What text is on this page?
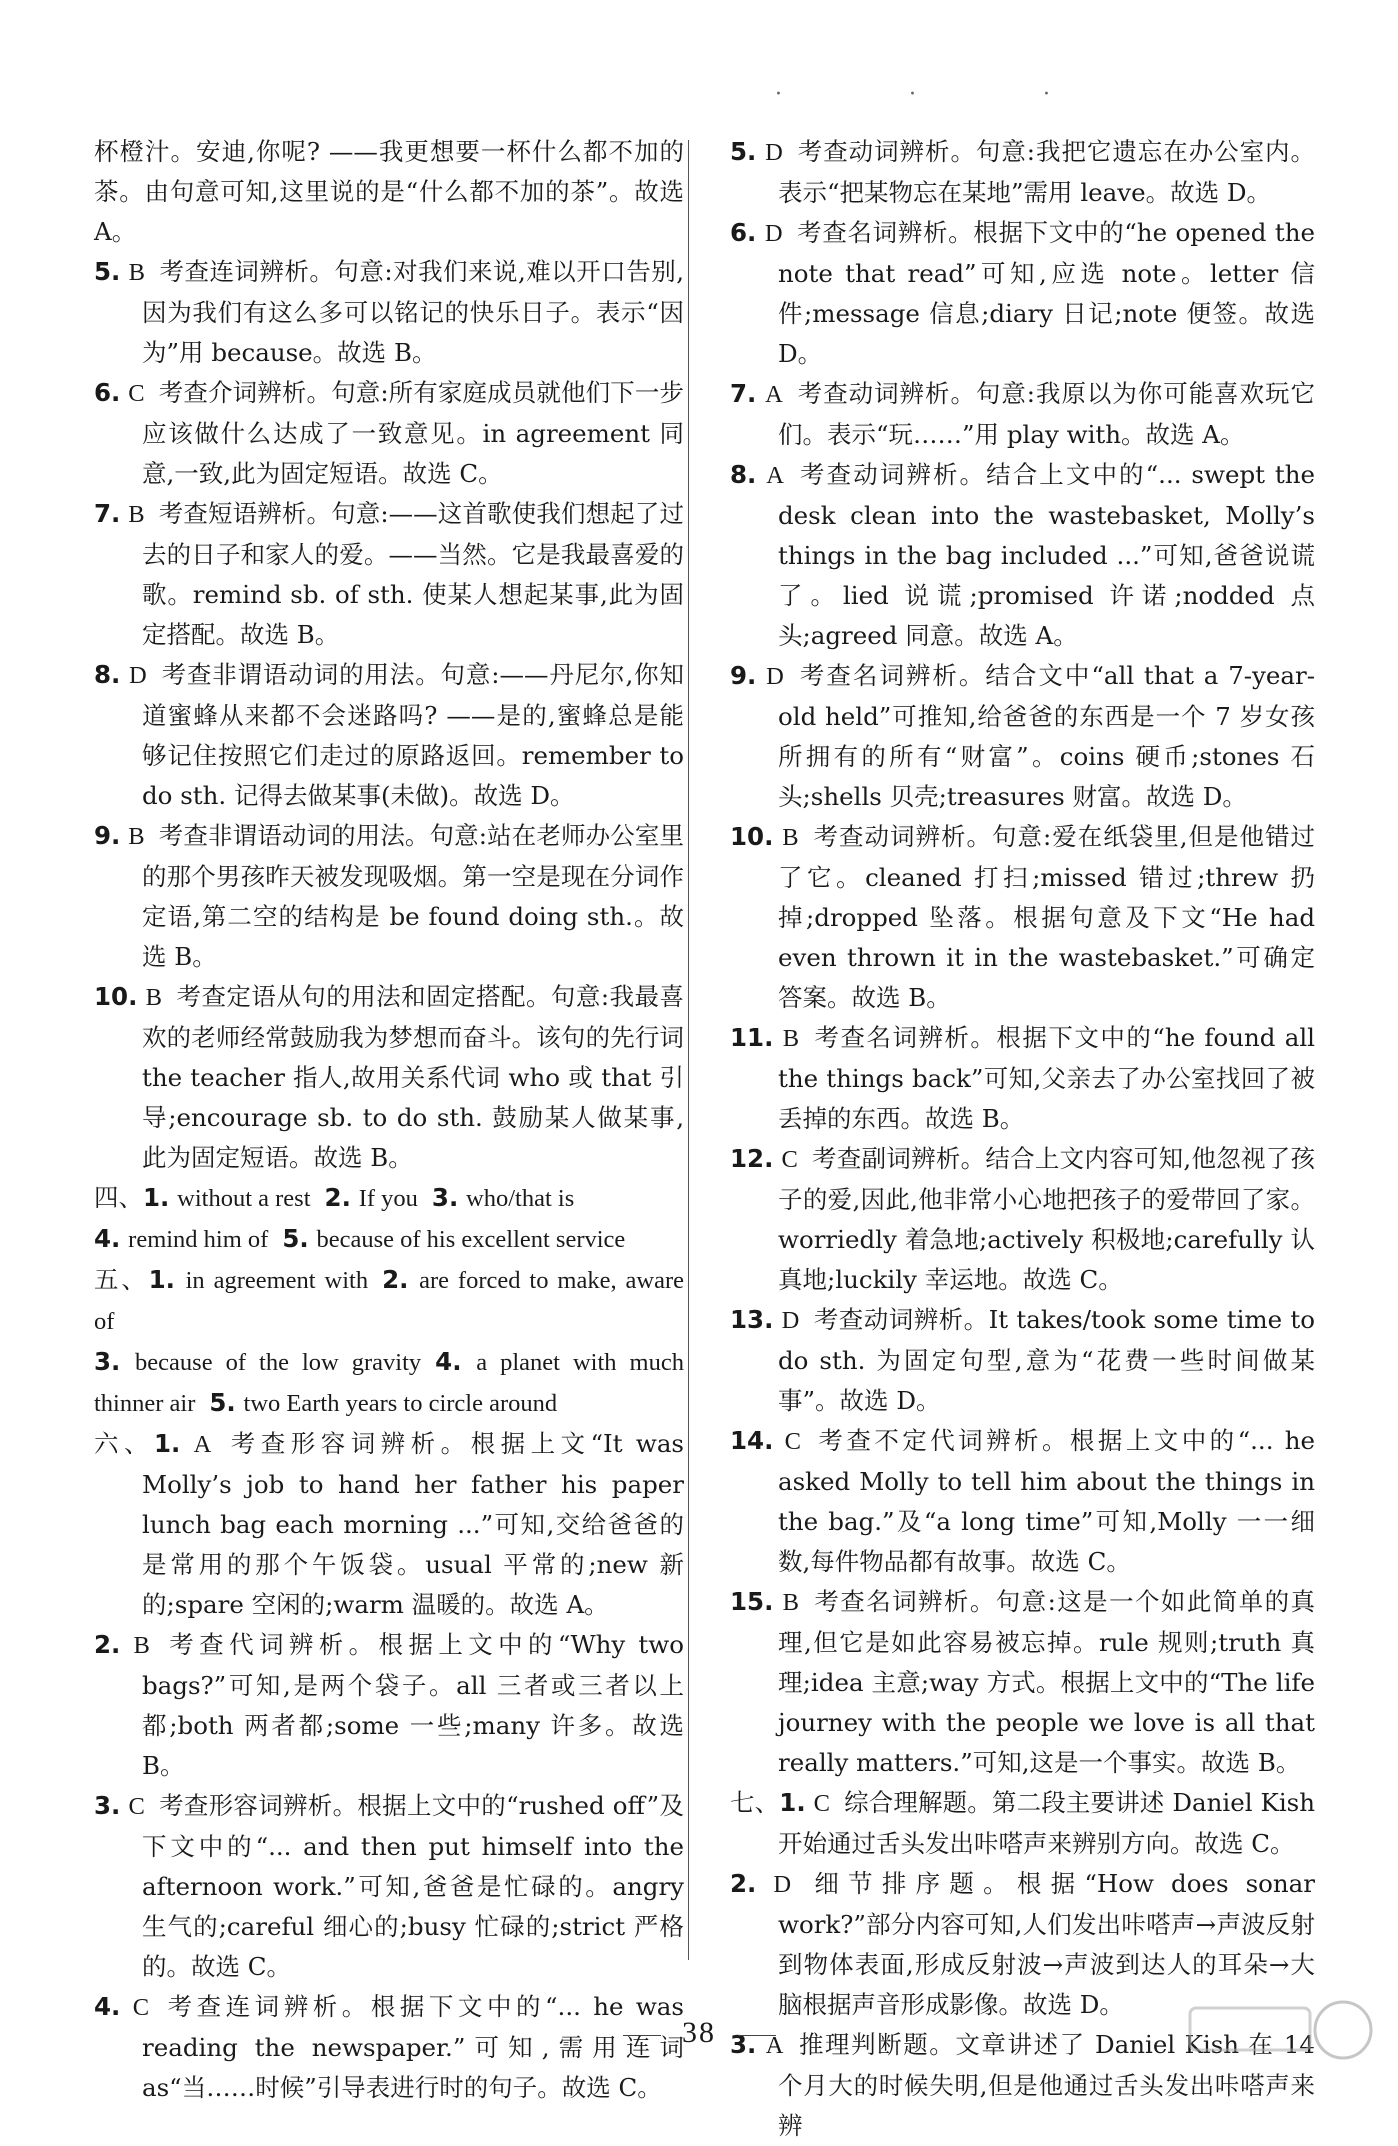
· · ·

杯橙汁。安迪,你呢? ——我更想要一杯什么都不加的茶。由句意可知,这里说的是“什么都不加的茶”。故选 A。

5. B 考查连词辨析。句意:对我们来说,难以开口告别,因为我们有这么多可以铭记的快乐日子。表示“因为”用 because。故选 B。

6. C 考查介词辨析。句意:所有家庭成员就他们下一步应该做什么达成了一致意见。in agreement 同意,一致,此为固定短语。故选 C。

7. B 考查短语辨析。句意:——这首歌使我们想起了过去的日子和家人的爱。——当然。它是我最喜爱的歌。remind sb. of sth. 使某人想起某事,此为固定搭配。故选 B。

8. D 考查非谓语动词的用法。句意:——丹尼尔,你知道蜜蜂从来都不会迷路吗? ——是的,蜜蜂总是能够记住按照它们走过的原路返回。remember to do sth. 记得去做某事(未做)。故选 D。

9. B 考查非谓语动词的用法。句意:站在老师办公室里的那个男孩昨天被发现吸烟。第一空是现在分词作定语,第二空的结构是 be found doing sth.。故选 B。

10. B 考查定语从句的用法和固定搭配。句意:我最喜欢的老师经常鼓励我为梦想而奋斗。该句的先行词 the teacher 指人,故用关系代词 who 或 that 引导;encourage sb. to do sth. 鼓励某人做某事,此为固定短语。故选 B。

四、1. without a rest 2. If you 3. who/that is
4. remind him of 5. because of his excellent service

五、1. in agreement with 2. are forced to make, aware of
3. because of the low gravity 4. a planet with much thinner air 5. two Earth years to circle around

六、1. A 考查形容词辨析。根据上文“It was Molly’s job to hand her father his paper lunch bag each morning ...”可知,交给爸爸的是常用的那个午饭袋。usual 平常的;new 新的;spare 空闲的;warm 温暖的。故选 A。

2. B 考查代词辨析。根据上文中的“Why two bags?”可知,是两个袋子。all 三者或三者以上都;both 两者都;some 一些;many 许多。故选 B。

3. C 考查形容词辨析。根据上文中的“rushed off”及下文中的“... and then put himself into the afternoon work.”可知,爸爸是忙碌的。angry 生气的;careful 细心的;busy 忙碌的;strict 严格的。故选 C。

4. C 考查连词辨析。根据下文中的“... he was reading the newspaper.”可知,需用连词 as“当……时候”引导表进行时的句子。故选 C。

5. D 考查动词辨析。句意:我把它遗忘在办公室内。表示“把某物忘在某地”需用 leave。故选 D。

6. D 考查名词辨析。根据下文中的“he opened the note that read”可知,应选 note。letter 信件;message 信息;diary 日记;note 便签。故选 D。

7. A 考查动词辨析。句意:我原以为你可能喜欢玩它们。表示“玩……”用 play with。故选 A。

8. A 考查动词辨析。结合上文中的“... swept the desk clean into the wastebasket, Molly’s things in the bag included ...”可知,爸爸说谎了。lied 说谎;promised 许诺;nodded 点头;agreed 同意。故选 A。

9. D 考查名词辨析。结合文中“all that a 7-year-old held”可推知,给爸爸的东西是一个 7 岁女孩所拥有的所有“财富”。coins 硬币;stones 石头;shells 贝壳;treasures 财富。故选 D。

10. B 考查动词辨析。句意:爱在纸袋里,但是他错过了它。cleaned 打扫;missed 错过;threw 扔掉;dropped 坠落。根据句意及下文“He had even thrown it in the wastebasket.”可确定答案。故选 B。

11. B 考查名词辨析。根据下文中的“he found all the things back”可知,父亲去了办公室找回了被丢掉的东西。故选 B。

12. C 考查副词辨析。结合上文内容可知,他忽视了孩子的爱,因此,他非常小心地把孩子的爱带回了家。worriedly 着急地;actively 积极地;carefully 认真地;luckily 幸运地。故选 C。

13. D 考查动词辨析。It takes/took some time to do sth. 为固定句型,意为“花费一些时间做某事”。故选 D。

14. C 考查不定代词辨析。根据上文中的“... he asked Molly to tell him about the things in the bag.”及“a long time”可知,Molly 一一细数,每件物品都有故事。故选 C。

15. B 考查名词辨析。句意:这是一个如此简单的真理,但它是如此容易被忘掉。rule 规则;truth 真理;idea 主意;way 方式。根据上文中的“The life journey with the people we love is all that really matters.”可知,这是一个事实。故选 B。

七、1. C 综合理解题。第二段主要讲述 Daniel Kish 开始通过舌头发出咔嗒声来辨别方向。故选 C。

2. D 细节排序题。根据“How does sonar work?”部分内容可知,人们发出咔嗒声→声波反射到物体表面,形成反射波→声波到达人的耳朵→大脑根据声音形成影像。故选 D。

3. A 推理判断题。文章讲述了 Daniel Kish 在 14 个月大的时候失明,但是他通过舌头发出咔嗒声来辨

38
